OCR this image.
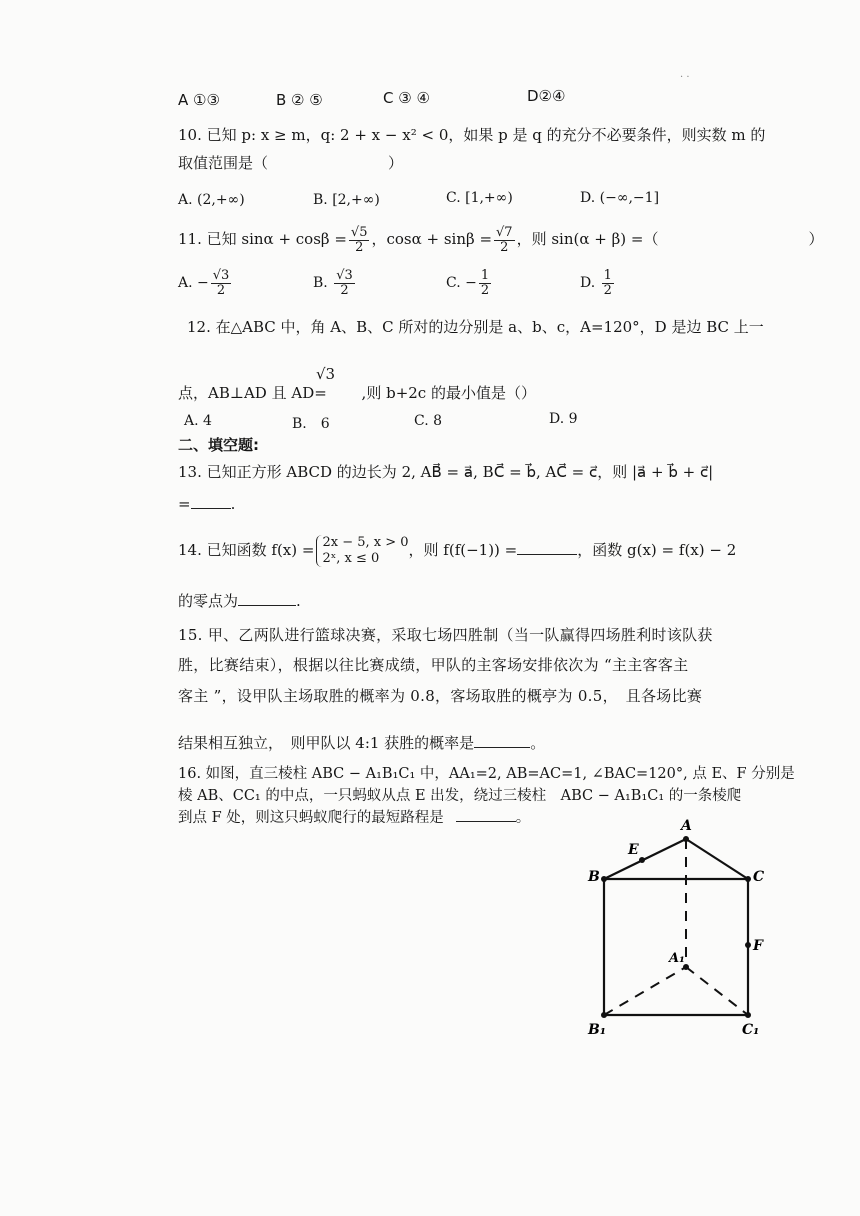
· ·
A ①③	B ② ⑤	C ③ ④	D②④
10. 已知 p: x ≥ m，q: 2 + x − x² < 0，如果 p 是 q 的充分不必要条件，则实数 m 的
取值范围是（　　　　　　　　）
A. (2,+∞)	B. [2,+∞)	C. [1,+∞)	D. (−∞,−1]
11. 已知 $\sin\alpha + \cos\beta = \frac{√5}{2}$ ，$\cos\alpha + \sin\beta = \frac{√7}{2}$ ，则 sin(α + β) =（　　　　　　　　　　）
A. − $\frac{√3}{2}$	B. $\frac{√3}{2}$	C. − $\frac{1}{2}$	D. $\frac{1}{2}$
12. 在△ABC 中，角 A、B、C 所对的边分别是 a、b、c，A=120°，D 是边 BC 上一
√3
点，AB⊥AD 且 AD=　　 ,则 b+2c 的最小值是（）
A. 4	B.　6	C. 8	D. 9
二、填空题:
13. 已知正方形 ABCD 的边长为 2, AB⃗ = a⃗, BC⃗ = b⃗, AC⃗ = c⃗，则 |a⃗ + b⃗ + c⃗|
=	.
14. 已知函数 f(x) = 2x − 5, x > 0
2ˣ, x ≤ 0	，则 f(f(−1)) =	，函数 g(x) = f(x) − 2
的零点为	.
15. 甲、乙两队进行篮球决赛，采取七场四胜制（当一队赢得四场胜利时该队获
胜，比赛结束），根据以往比赛成绩，甲队的主客场安排依次为 “主主客客主
客主 ”，设甲队主场取胜的概率为 0.8，客场取胜的概亭为 0.5，　且各场比赛
结果相互独立，　则甲队以 4:1 获胜的概率是	。
16. 如图，直三棱柱 ABC − A₁B₁C₁ 中，AA₁=2, AB=AC=1, ∠BAC=120°, 点 E、F 分别是
棱 AB、CC₁ 的中点，一只蚂蚁从点 E 出发，绕过三棱柱　ABC − A₁B₁C₁ 的一条棱爬
到点 F 处，则这只蚂蚁爬行的最短路程是	。	A
B	C
E
F
A₁
B₁	C₁
